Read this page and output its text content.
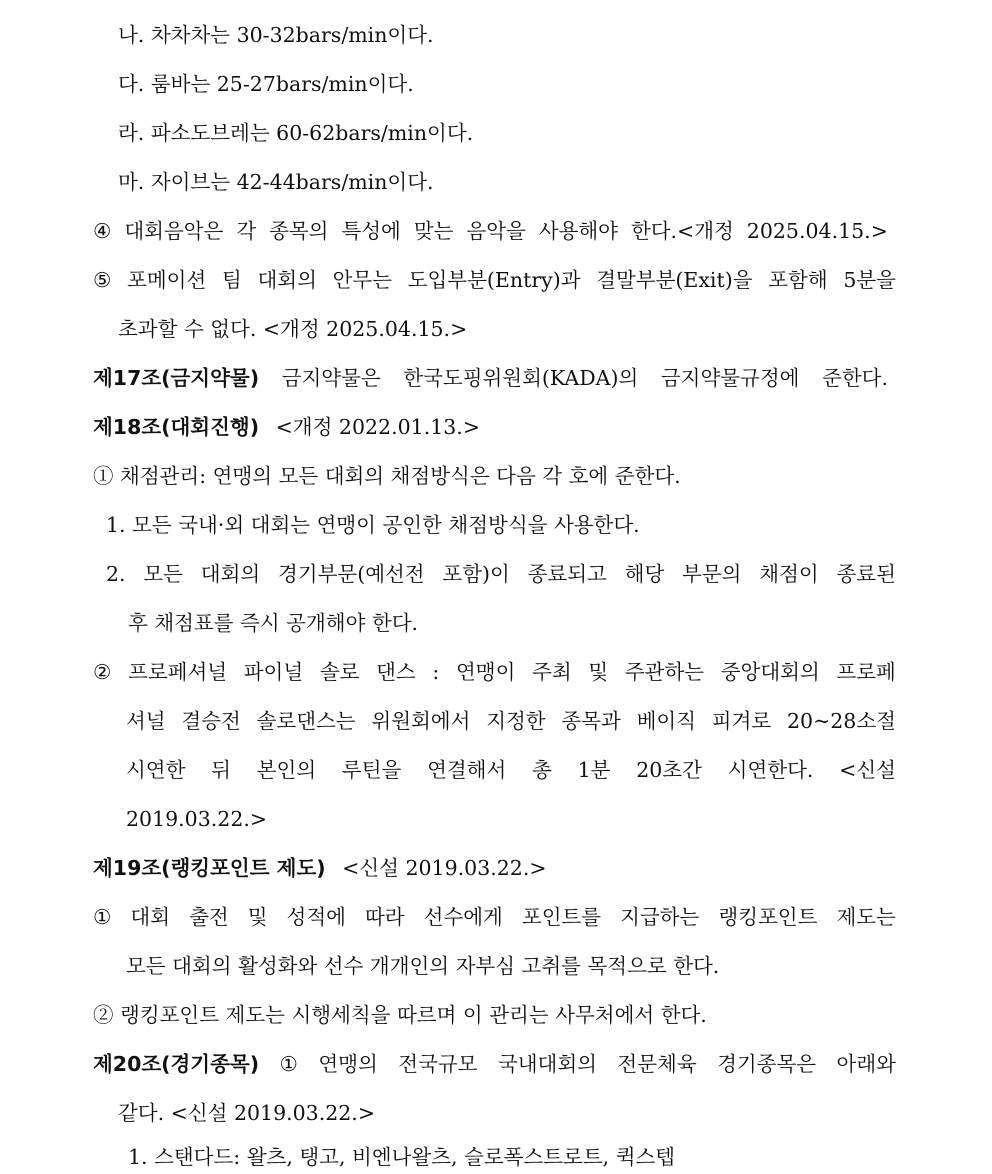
나. 차차차는 30-32bars/min이다.
다. 룸바는 25-27bars/min이다.
라. 파소도브레는 60-62bars/min이다.
마. 자이브는 42-44bars/min이다.
④ 대회음악은 각 종목의 특성에 맞는 음악을 사용해야 한다.<개정 2025.04.15.>
⑤ 포메이션 팀 대회의 안무는 도입부분(Entry)과 결말부분(Exit)을 포함해 5분을
초과할 수 없다. <개정 2025.04.15.>
제17조(금지약물) 금지약물은 한국도핑위원회(KADA)의 금지약물규정에 준한다.
제18조(대회진행) <개정 2022.01.13.>
① 채점관리: 연맹의 모든 대회의 채점방식은 다음 각 호에 준한다.
1. 모든 국내·외 대회는 연맹이 공인한 채점방식을 사용한다.
2. 모든 대회의 경기부문(예선전 포함)이 종료되고 해당 부문의 채점이 종료된
후 채점표를 즉시 공개해야 한다.
② 프로페셔널 파이널 솔로 댄스 : 연맹이 주최 및 주관하는 중앙대회의 프로페
셔널 결승전 솔로댄스는 위원회에서 지정한 종목과 베이직 피겨로 20~28소절
시연한 뒤 본인의 루틴을 연결해서 총 1분 20초간 시연한다. <신설
2019.03.22.>
제19조(랭킹포인트 제도) <신설 2019.03.22.>
① 대회 출전 및 성적에 따라 선수에게 포인트를 지급하는 랭킹포인트 제도는
모든 대회의 활성화와 선수 개개인의 자부심 고취를 목적으로 한다.
② 랭킹포인트 제도는 시행세칙을 따르며 이 관리는 사무처에서 한다.
제20조(경기종목) ① 연맹의 전국규모 국내대회의 전문체육 경기종목은 아래와
같다. <신설 2019.03.22.>
1. 스탠다드: 왈츠, 탱고, 비엔나왈츠, 슬로폭스트로트, 퀵스텝
